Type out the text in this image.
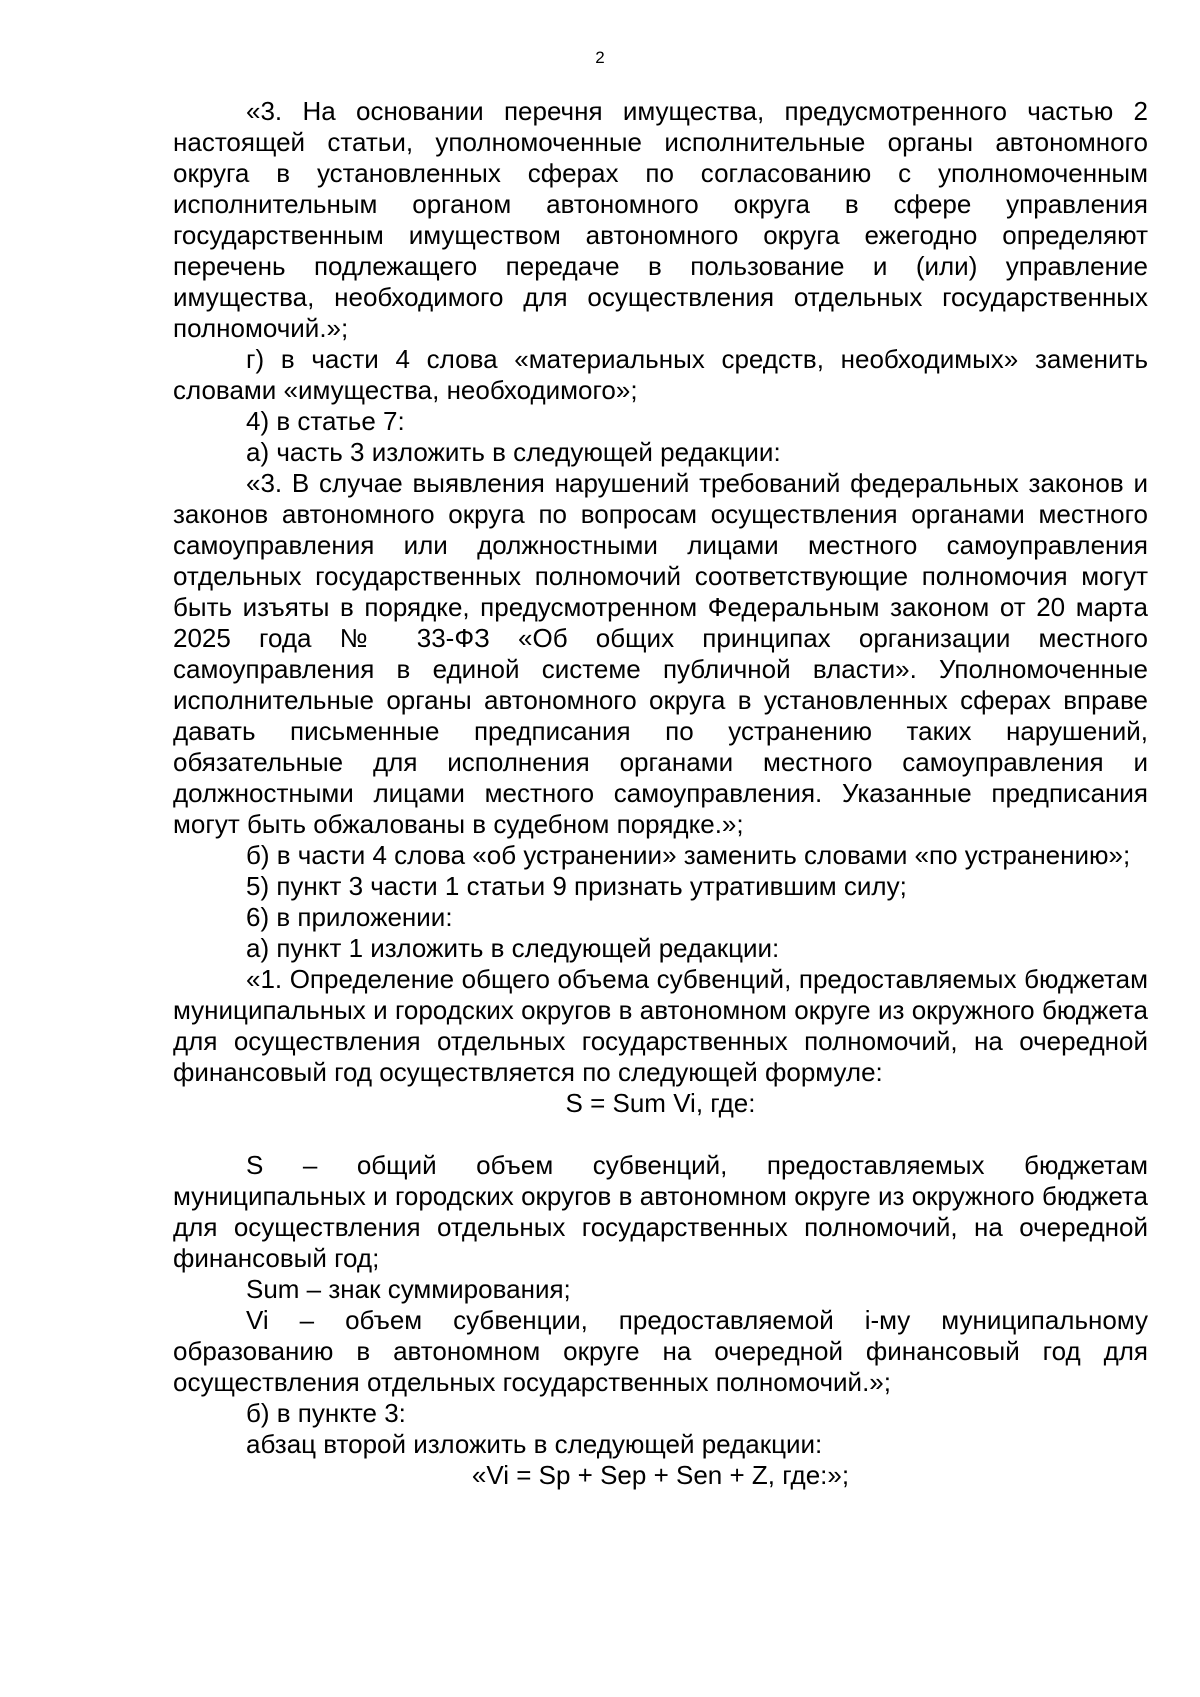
2

«3. На основании перечня имущества, предусмотренного частью 2 настоящей статьи, уполномоченные исполнительные органы автономного округа в установленных сферах по согласованию с уполномоченным исполнительным органом автономного округа в сфере управления государственным имуществом автономного округа ежегодно определяют перечень подлежащего передаче в пользование и (или) управление имущества, необходимого для осуществления отдельных государственных полномочий.»;

г) в части 4 слова «материальных средств, необходимых» заменить словами «имущества, необходимого»;

4) в статье 7:

а) часть 3 изложить в следующей редакции:

«3. В случае выявления нарушений требований федеральных законов и законов автономного округа по вопросам осуществления органами местного самоуправления или должностными лицами местного самоуправления отдельных государственных полномочий соответствующие полномочия могут быть изъяты в порядке, предусмотренном Федеральным законом от 20 марта 2025 года № 33-ФЗ «Об общих принципах организации местного самоуправления в единой системе публичной власти». Уполномоченные исполнительные органы автономного округа в установленных сферах вправе давать письменные предписания по устранению таких нарушений, обязательные для исполнения органами местного самоуправления и должностными лицами местного самоуправления. Указанные предписания могут быть обжалованы в судебном порядке.»;

б) в части 4 слова «об устранении» заменить словами «по устранению»;

5) пункт 3 части 1 статьи 9 признать утратившим силу;

6) в приложении:

а) пункт 1 изложить в следующей редакции:

«1. Определение общего объема субвенций, предоставляемых бюджетам муниципальных и городских округов в автономном округе из окружного бюджета для осуществления отдельных государственных полномочий, на очередной финансовый год осуществляется по следующей формуле:

S = Sum Vi, где:

S – общий объем субвенций, предоставляемых бюджетам муниципальных и городских округов в автономном округе из окружного бюджета для осуществления отдельных государственных полномочий, на очередной финансовый год;

Sum – знак суммирования;

Vi – объем субвенции, предоставляемой i-му муниципальному образованию в автономном округе на очередной финансовый год для осуществления отдельных государственных полномочий.»;

б) в пункте 3:

абзац второй изложить в следующей редакции:

«Vi = Sp + Sep + Sen + Z, где:»;
